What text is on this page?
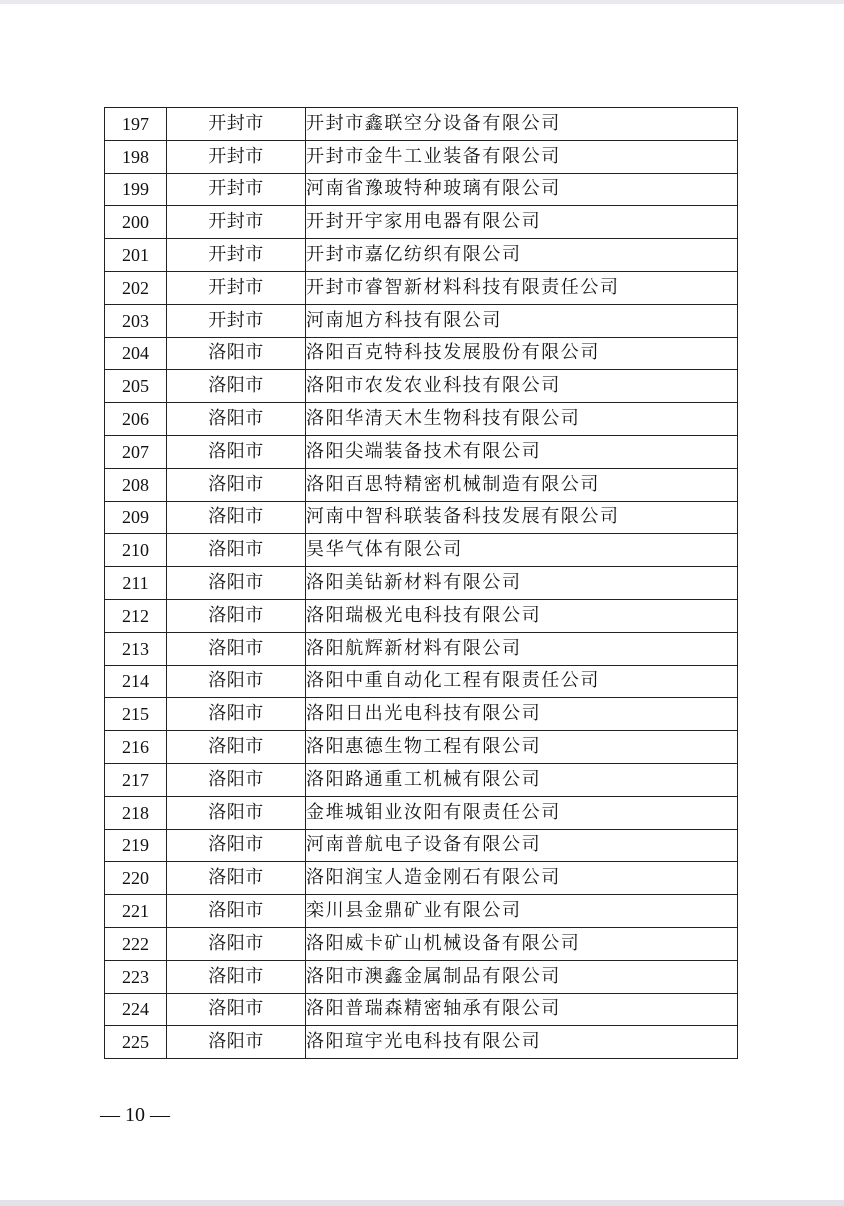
197	开封市	开封市鑫联空分设备有限公司
198	开封市	开封市金牛工业装备有限公司
199	开封市	河南省豫玻特种玻璃有限公司
200	开封市	开封开宇家用电器有限公司
201	开封市	开封市嘉亿纺织有限公司
202	开封市	开封市睿智新材料科技有限责任公司
203	开封市	河南旭方科技有限公司
204	洛阳市	洛阳百克特科技发展股份有限公司
205	洛阳市	洛阳市农发农业科技有限公司
206	洛阳市	洛阳华清天木生物科技有限公司
207	洛阳市	洛阳尖端装备技术有限公司
208	洛阳市	洛阳百思特精密机械制造有限公司
209	洛阳市	河南中智科联装备科技发展有限公司
210	洛阳市	昊华气体有限公司
211	洛阳市	洛阳美钻新材料有限公司
212	洛阳市	洛阳瑞极光电科技有限公司
213	洛阳市	洛阳航辉新材料有限公司
214	洛阳市	洛阳中重自动化工程有限责任公司
215	洛阳市	洛阳日出光电科技有限公司
216	洛阳市	洛阳惠德生物工程有限公司
217	洛阳市	洛阳路通重工机械有限公司
218	洛阳市	金堆城钼业汝阳有限责任公司
219	洛阳市	河南普航电子设备有限公司
220	洛阳市	洛阳润宝人造金刚石有限公司
221	洛阳市	栾川县金鼎矿业有限公司
222	洛阳市	洛阳威卡矿山机械设备有限公司
223	洛阳市	洛阳市澳鑫金属制品有限公司
224	洛阳市	洛阳普瑞森精密轴承有限公司
225	洛阳市	洛阳瑄宇光电科技有限公司
— 10 —
